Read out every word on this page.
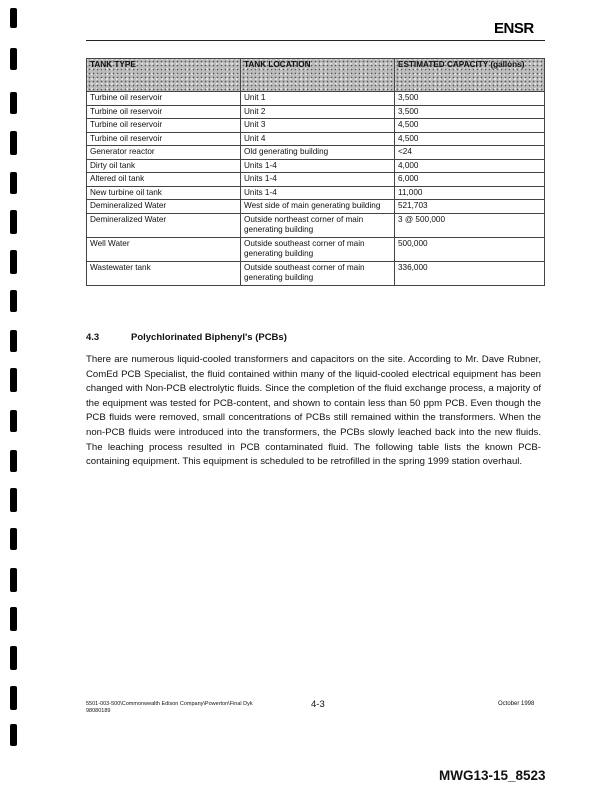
ENSR
TANK TYPE	TANK LOCATION	ESTIMATED CAPACITY (gallons)
Turbine oil reservoir	Unit 1	3,500
Turbine oil reservoir	Unit 2	3,500
Turbine oil reservoir	Unit 3	4,500
Turbine oil reservoir	Unit 4	4,500
Generator reactor	Old generating building	<24
Dirty oil tank	Units 1-4	4,000
Altered oil tank	Units 1-4	6,000
New turbine oil tank	Units 1-4	11,000
Demineralized Water	West side of main generating building	521,703
Demineralized Water	Outside northeast corner of main generating building	3 @ 500,000
Well Water	Outside southeast corner of main generating building	500,000
Wastewater tank	Outside southeast corner of main generating building	336,000
4.3	Polychlorinated Biphenyl's (PCBs)

There are numerous liquid-cooled transformers and capacitors on the site. According to Mr. Dave Rubner, ComEd PCB Specialist, the fluid contained within many of the liquid-cooled electrical equipment has been changed with Non-PCB electrolytic fluids. Since the completion of the fluid exchange process, a majority of the equipment was tested for PCB-content, and shown to contain less than 50 ppm PCB. Even though the PCB fluids were removed, small concentrations of PCBs still remained within the transformers. When the non-PCB fluids were introduced into the transformers, the PCBs slowly leached back into the new fluids. The leaching process resulted in PCB contaminated fluid. The following table lists the known PCB-containing equipment. This equipment is scheduled to be retrofilled in the spring 1999 station overhaul.

5501-003-500\Commonwealth Edison Company\Powerton\Final Dyk
98080189
4-3	October 1998
MWG13-15_8523
